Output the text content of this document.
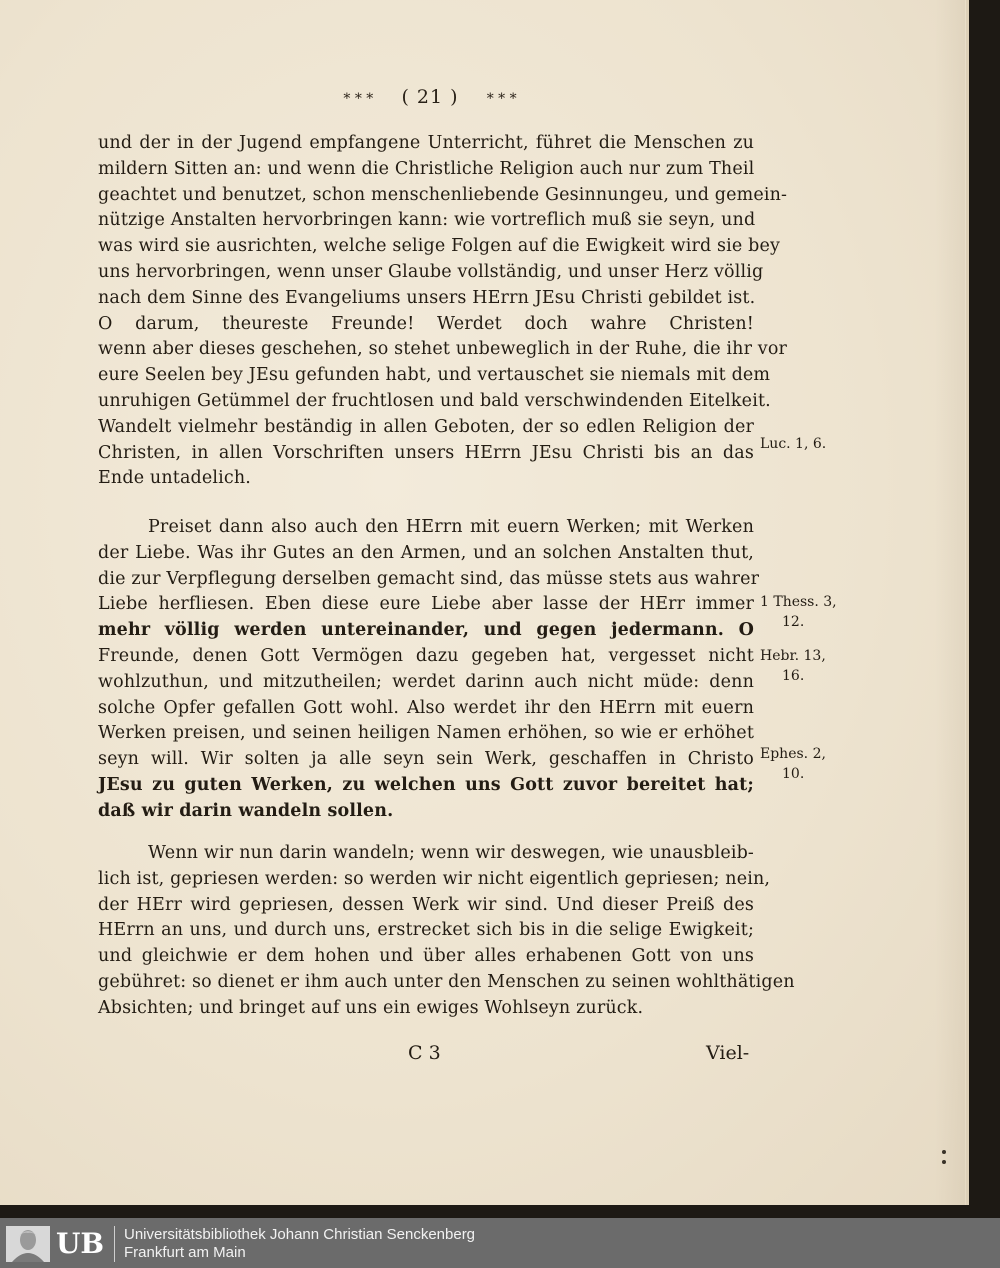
* * * ( 21 ) * * *
und der in der Jugend empfangene Unterricht, führet die Menschen zu
mildern Sitten an: und wenn die Christliche Religion auch nur zum Theil
geachtet und benutzet, schon menschenliebende Gesinnungeu, und gemein-
nützige Anstalten hervorbringen kann: wie vortreflich muß sie seyn, und
was wird sie ausrichten, welche selige Folgen auf die Ewigkeit wird sie bey
uns hervorbringen, wenn unser Glaube vollständig, und unser Herz völlig
nach dem Sinne des Evangeliums unsers HErrn JEsu Christi gebildet ist.
O darum, theureste Freunde! Werdet doch wahre Christen!
wenn aber dieses geschehen, so stehet unbeweglich in der Ruhe, die ihr vor
eure Seelen bey JEsu gefunden habt, und vertauschet sie niemals mit dem
unruhigen Getümmel der fruchtlosen und bald verschwindenden Eitelkeit.
Wandelt vielmehr beständig in allen Geboten, der so edlen Religion der
Christen, in allen Vorschriften unsers HErrn JEsu Christi bis an das
Ende untadelich.
Luc. 1, 6.
Preiset dann also auch den HErrn mit euern Werken; mit Werken
der Liebe. Was ihr Gutes an den Armen, und an solchen Anstalten thut,
die zur Verpflegung derselben gemacht sind, das müsse stets aus wahrer
Liebe herfliesen. Eben diese eure Liebe aber lasse der HErr immer
mehr völlig werden untereinander, und gegen jedermann. O
Freunde, denen Gott Vermögen dazu gegeben hat, vergesset nicht
wohlzuthun, und mitzutheilen; werdet darinn auch nicht müde: denn
solche Opfer gefallen Gott wohl. Also werdet ihr den HErrn mit euern
Werken preisen, und seinen heiligen Namen erhöhen, so wie er erhöhet
seyn will. Wir solten ja alle seyn sein Werk, geschaffen in Christo
JEsu zu guten Werken, zu welchen uns Gott zuvor bereitet hat;
daß wir darin wandeln sollen.
1 Thess. 3,
12.
Hebr. 13,
16.
Ephes. 2,
10.
Wenn wir nun darin wandeln; wenn wir deswegen, wie unausbleib-
lich ist, gepriesen werden: so werden wir nicht eigentlich gepriesen; nein,
der HErr wird gepriesen, dessen Werk wir sind. Und dieser Preiß des
HErrn an uns, und durch uns, erstrecket sich bis in die selige Ewigkeit;
und gleichwie er dem hohen und über alles erhabenen Gott von uns
gebühret: so dienet er ihm auch unter den Menschen zu seinen wohlthätigen
Absichten; und bringet auf uns ein ewiges Wohlseyn zurück.
C 3	Viel-
UB Universitätsbibliothek Johann Christian Senckenberg
Frankfurt am Main
